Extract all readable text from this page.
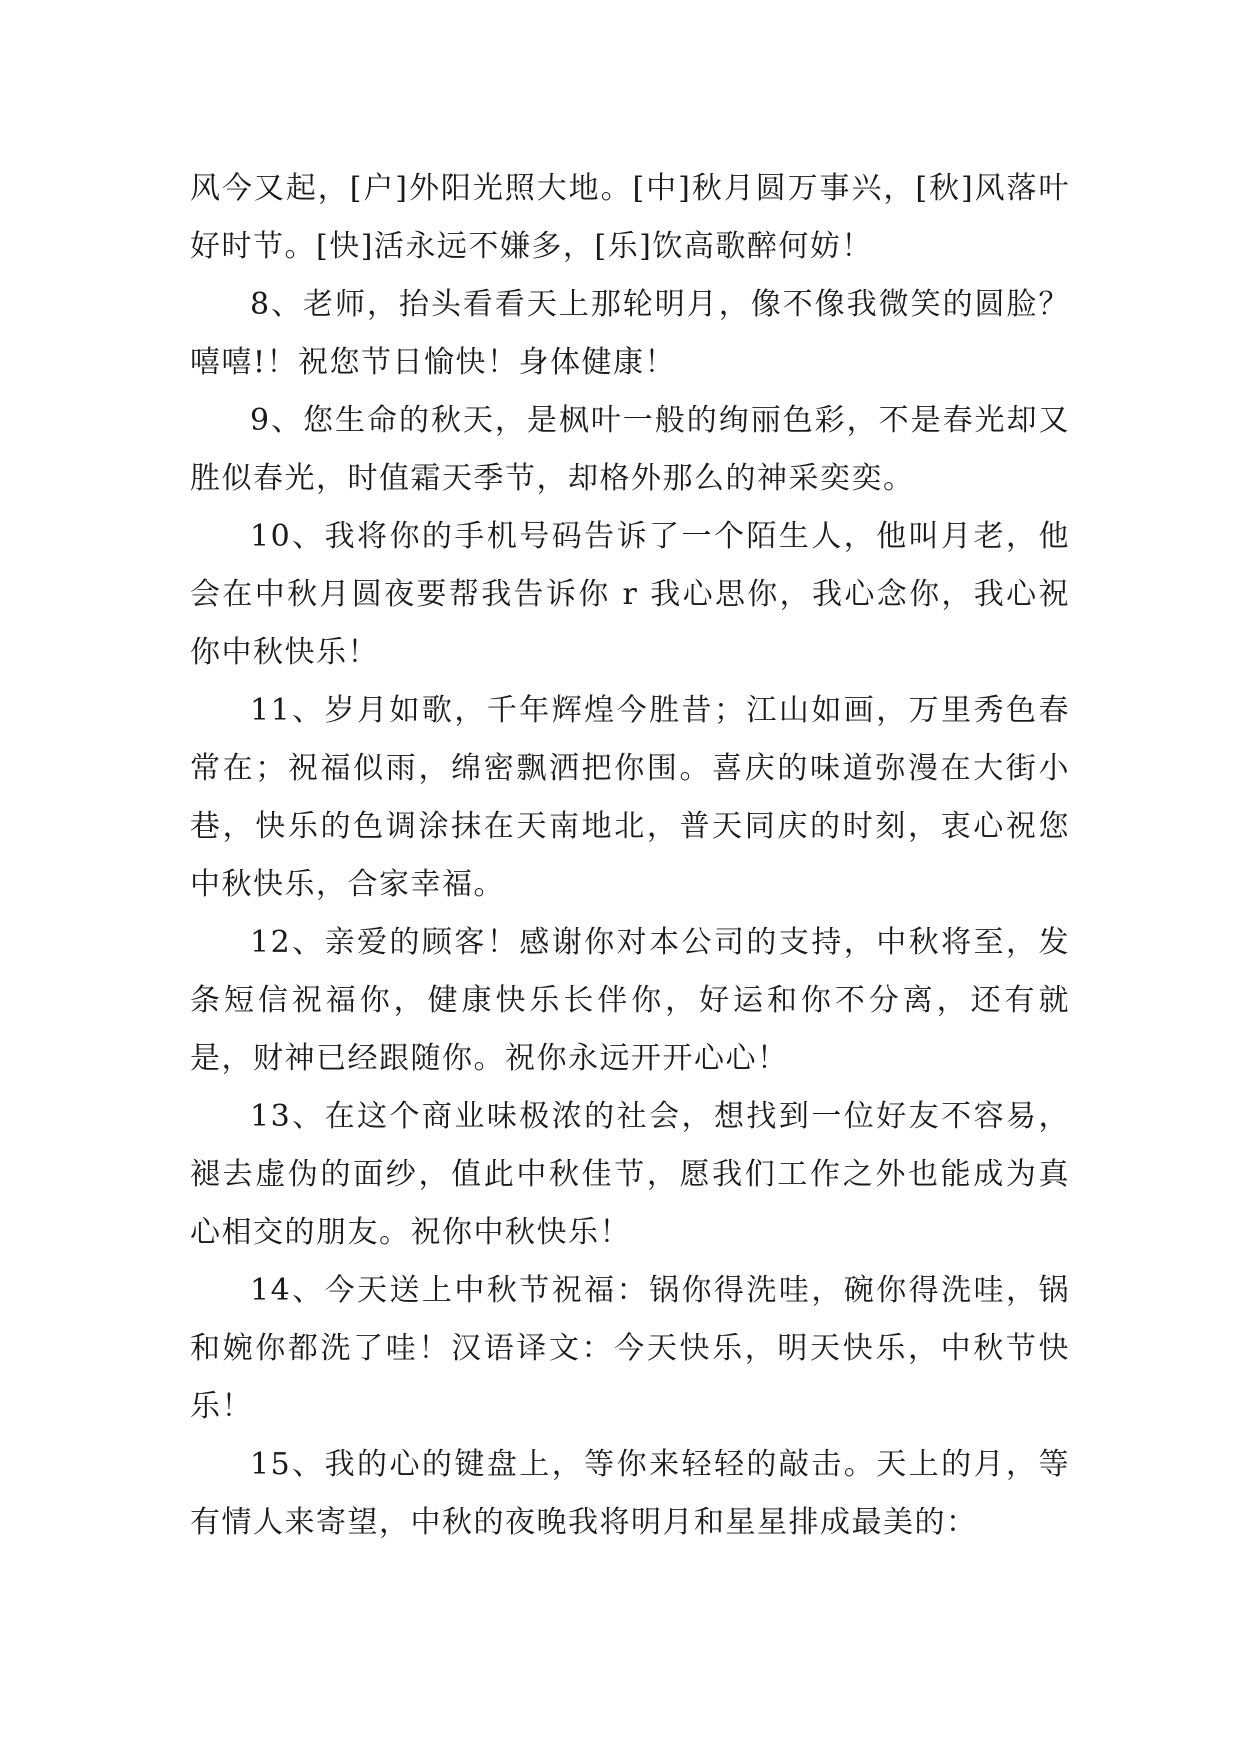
风今又起，[户]外阳光照大地。[中]秋月圆万事兴，[秋]风落叶好时节。[快]活永远不嫌多，[乐]饮高歌醉何妨！

8、老师，抬头看看天上那轮明月，像不像我微笑的圆脸？嘻嘻!！祝您节日愉快！身体健康！

9、您生命的秋天，是枫叶一般的绚丽色彩，不是春光却又胜似春光，时值霜天季节，却格外那么的神采奕奕。

10、我将你的手机号码告诉了一个陌生人，他叫月老，他会在中秋月圆夜要帮我告诉你 r 我心思你，我心念你，我心祝你中秋快乐！

11、岁月如歌，千年辉煌今胜昔；江山如画，万里秀色春常在；祝福似雨，绵密飘洒把你围。喜庆的味道弥漫在大街小巷，快乐的色调涂抹在天南地北，普天同庆的时刻，衷心祝您中秋快乐，合家幸福。

12、亲爱的顾客！感谢你对本公司的支持，中秋将至，发条短信祝福你，健康快乐长伴你，好运和你不分离，还有就是，财神已经跟随你。祝你永远开开心心！

13、在这个商业味极浓的社会，想找到一位好友不容易，褪去虚伪的面纱，值此中秋佳节，愿我们工作之外也能成为真心相交的朋友。祝你中秋快乐！

14、今天送上中秋节祝福：锅你得洗哇，碗你得洗哇，锅和婉你都洗了哇！汉语译文：今天快乐，明天快乐，中秋节快乐！

15、我的心的键盘上，等你来轻轻的敲击。天上的月，等有情人来寄望，中秋的夜晚我将明月和星星排成最美的：
